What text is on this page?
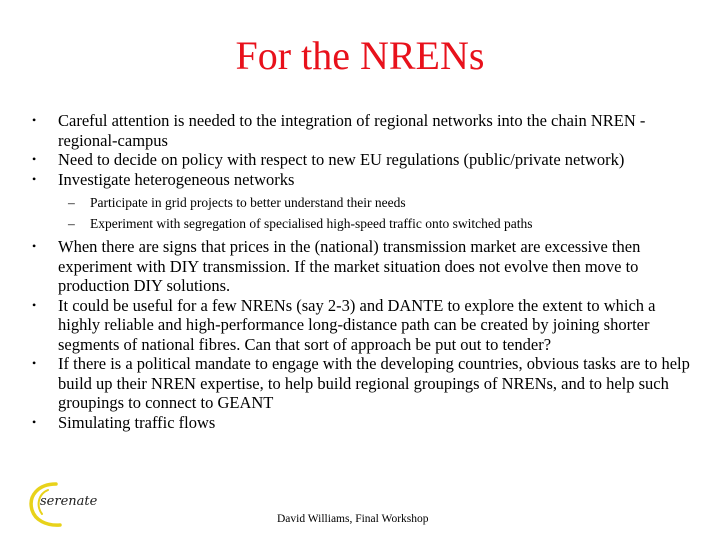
For the NRENs
• Careful attention is needed to the integration of regional networks into the chain NREN -regional-campus
• Need to decide on policy with respect to new EU regulations (public/private network)
• Investigate heterogeneous networks
– Participate in grid projects to better understand their needs
– Experiment with segregation of specialised high-speed traffic onto switched paths
• When there are signs that prices in the (national) transmission market are excessive then experiment with DIY transmission. If the market situation does not evolve then move to production DIY solutions.
• It could be useful for a few NRENs (say 2-3) and DANTE to explore the extent to which a highly reliable and high-performance long-distance path can be created by joining shorter segments of national fibres. Can that sort of approach be put out to tender?
• If there is a political mandate to engage with the developing countries, obvious tasks are to help build up their NREN expertise, to help build regional groupings of NRENs, and to help such groupings to connect to GEANT
• Simulating traffic flows
serenate
David Williams, Final Workshop
